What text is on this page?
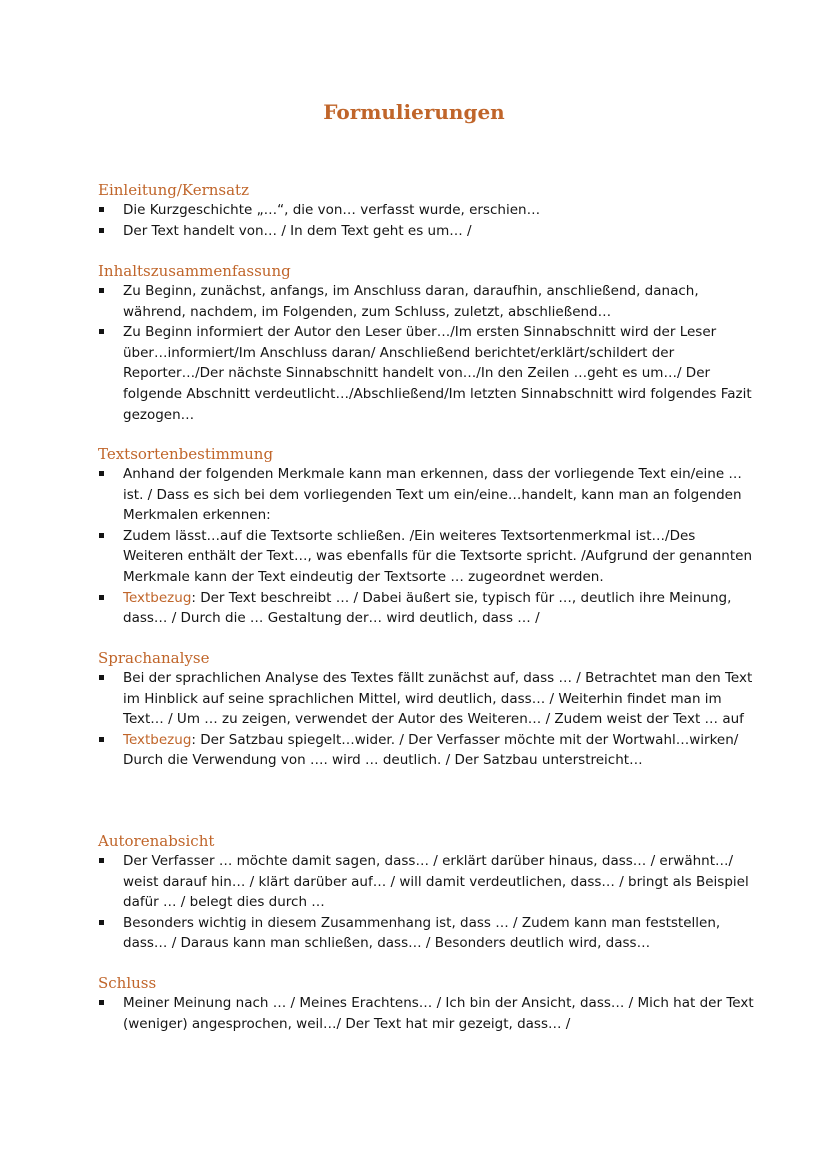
Formulierungen
Einleitung/Kernsatz
Die Kurzgeschichte „…“, die von… verfasst wurde, erschien…
Der Text handelt von… / In dem Text geht es um… /
Inhaltszusammenfassung
Zu Beginn, zunächst, anfangs, im Anschluss daran, daraufhin, anschließend, danach, während, nachdem, im Folgenden, zum Schluss, zuletzt, abschließend…
Zu Beginn informiert der Autor den Leser über…/Im ersten Sinnabschnitt wird der Leser über…informiert/Im Anschluss daran/ Anschließend berichtet/erklärt/schildert der Reporter…/Der nächste Sinnabschnitt handelt von…/In den Zeilen …geht es um…/ Der folgende Abschnitt verdeutlicht…/Abschließend/Im letzten Sinnabschnitt wird folgendes Fazit gezogen…
Textsortenbestimmung
Anhand der folgenden Merkmale kann man erkennen, dass der vorliegende Text ein/eine …ist. / Dass es sich bei dem vorliegenden Text um ein/eine…handelt, kann man an folgenden Merkmalen erkennen:
Zudem lässt…auf die Textsorte schließen. /Ein weiteres Textsortenmerkmal ist…/Des Weiteren enthält der Text…, was ebenfalls für die Textsorte spricht. /Aufgrund der genannten Merkmale kann der Text eindeutig der Textsorte … zugeordnet werden.
Textbezug: Der Text beschreibt … / Dabei äußert sie, typisch für …, deutlich ihre Meinung, dass… / Durch die … Gestaltung der… wird deutlich, dass … /
Sprachanalyse
Bei der sprachlichen Analyse des Textes fällt zunächst auf, dass … / Betrachtet man den Text im Hinblick auf seine sprachlichen Mittel, wird deutlich, dass… / Weiterhin findet man im Text… / Um … zu zeigen, verwendet der Autor des Weiteren… / Zudem weist der Text … auf
Textbezug: Der Satzbau spiegelt…wider. / Der Verfasser möchte mit der Wortwahl…wirken/ Durch die Verwendung von …. wird … deutlich. / Der Satzbau unterstreicht…
Autorenabsicht
Der Verfasser … möchte damit sagen, dass… / erklärt darüber hinaus, dass… / erwähnt…/ weist darauf hin… / klärt darüber auf… / will damit verdeutlichen, dass… / bringt als Beispiel dafür … / belegt dies durch …
Besonders wichtig in diesem Zusammenhang ist, dass … / Zudem kann man feststellen, dass… / Daraus kann man schließen, dass… / Besonders deutlich wird, dass…
Schluss
Meiner Meinung nach … / Meines Erachtens… / Ich bin der Ansicht, dass… / Mich hat der Text (weniger) angesprochen, weil…/ Der Text hat mir gezeigt, dass… /
